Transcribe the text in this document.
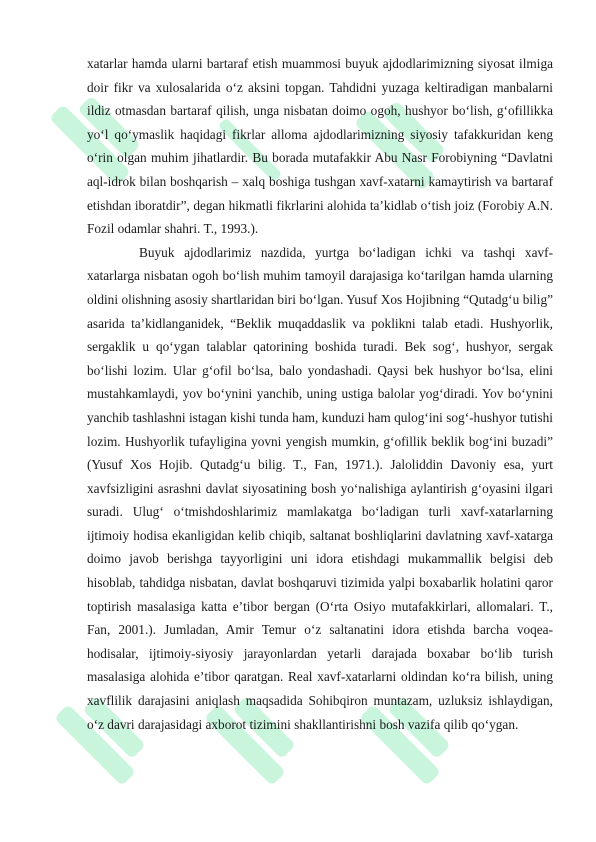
xatarlar hamda ularni bartaraf etish muammosi buyuk ajdodlarimizning siyosat ilmiga doir fikr va xulosalarida oʻz aksini topgan. Tahdidni yuzaga keltiradigan manbalarni ildiz otmasdan bartaraf qilish, unga nisbatan doimo ogoh, hushyor boʻlish, gʻofillikka yoʻl qoʻymaslik haqidagi fikrlar alloma ajdodlarimizning siyosiy tafakkuridan keng oʻrin olgan muhim jihatlardir. Bu borada mutafakkir Abu Nasr Forobiyning “Davlatni aql-idrok bilan boshqarish – xalq boshiga tushgan xavf-xatarni kamaytirish va bartaraf etishdan iboratdir”, degan hikmatli fikrlarini alohida taʼkidlab oʻtish joiz (Forobiy A.N. Fozil odamlar shahri. T., 1993.).

Buyuk ajdodlarimiz nazdida, yurtga boʻladigan ichki va tashqi xavf-xatarlarga nisbatan ogoh boʻlish muhim tamoyil darajasiga koʻtarilgan hamda ularning oldini olishning asosiy shartlaridan biri boʻlgan. Yusuf Xos Hojibning “Qutadgʻu bilig” asarida taʼkidlanganidek, “Beklik muqaddaslik va poklikni talab etadi. Hushyorlik, sergaklik u qoʻygan talablar qatorining boshida turadi. Bek sogʻ, hushyor, sergak boʻlishi lozim. Ular gʻofil boʻlsa, balo yondashadi. Qaysi bek hushyor boʻlsa, elini mustahkamlaydi, yov boʻynini yanchib, uning ustiga balolar yogʻdiradi. Yov boʻynini yanchib tashlashni istagan kishi tunda ham, kunduzi ham qulogʻini sogʻ-hushyor tutishi lozim. Hushyorlik tufayligina yovni yengish mumkin, gʻofillik beklik bogʻini buzadi” (Yusuf Xos Hojib. Qutadgʻu bilig. T., Fan, 1971.). Jaloliddin Davoniy esa, yurt xavfsizligini asrashni davlat siyosatining bosh yoʻnalishiga aylantirish gʻoyasini ilgari suradi. Ulugʻ oʻtmishdoshlarimiz mamlakatga boʻladigan turli xavf-xatarlarning ijtimoiy hodisa ekanligidan kelib chiqib, saltanat boshliqlarini davlatning xavf-xatarga doimo javob berishga tayyorligini uni idora etishdagi mukammallik belgisi deb hisoblab, tahdidga nisbatan, davlat boshqaruvi tizimida yalpi boxabarlik holatini qaror toptirish masalasiga katta eʼtibor bergan (Oʻrta Osiyo mutafakkirlari, allomalari. T., Fan, 2001.). Jumladan, Amir Temur oʻz saltanatini idora etishda barcha voqea-hodisalar, ijtimoiy-siyosiy jarayonlardan yetarli darajada boxabar boʻlib turish masalasiga alohida eʼtibor qaratgan. Real xavf-xatarlarni oldindan koʻra bilish, uning xavflilik darajasini aniqlash maqsadida Sohibqiron muntazam, uzluksiz ishlaydigan, oʻz davri darajasidagi axborot tizimini shakllantirishni bosh vazifa qilib qoʻygan.
